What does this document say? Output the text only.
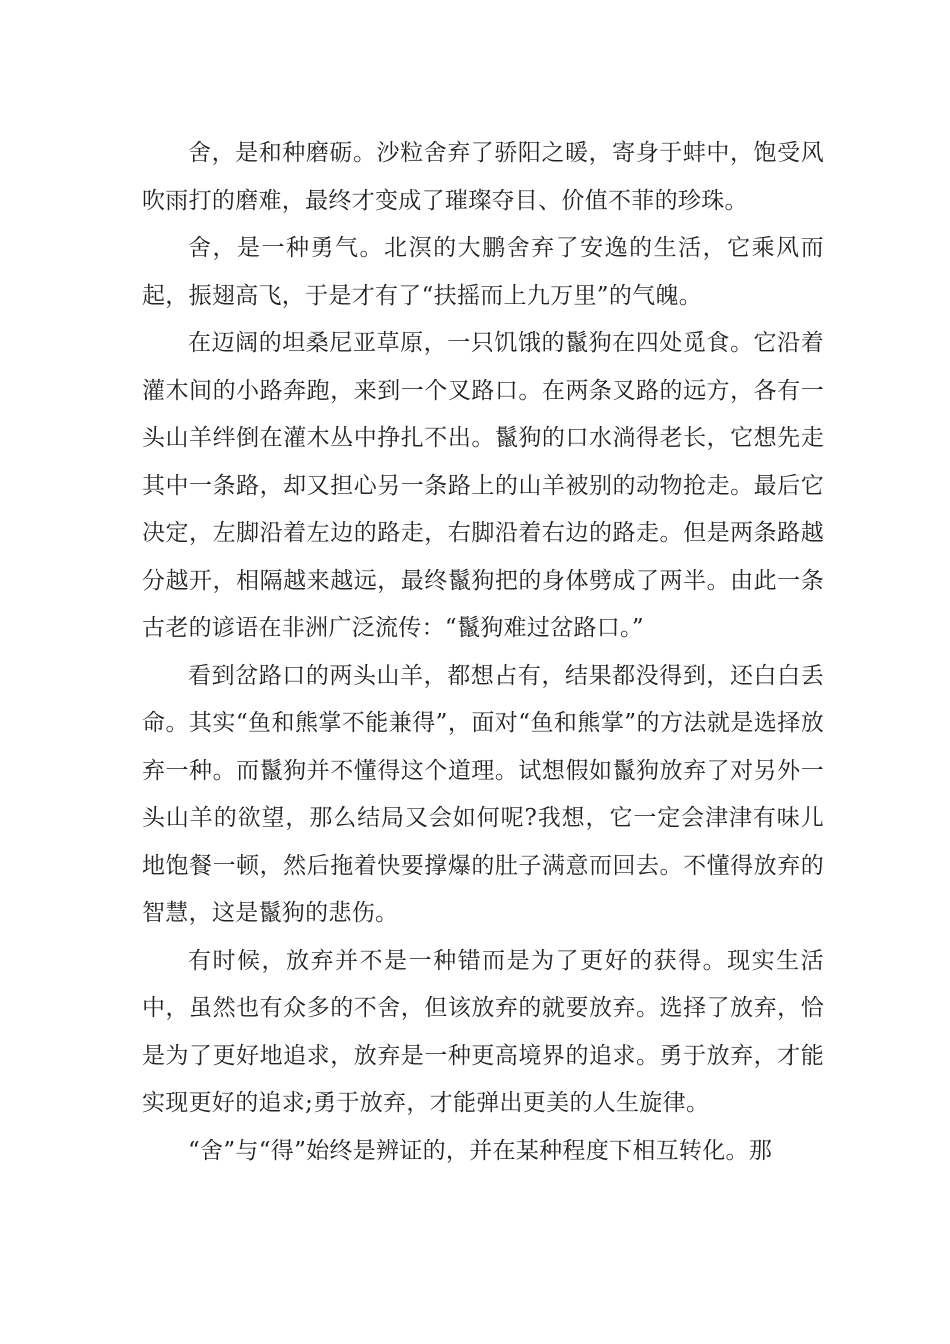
舍，是和种磨砺。沙粒舍弃了骄阳之暖，寄身于蚌中，饱受风吹雨打的磨难，最终才变成了璀璨夺目、价值不菲的珍珠。

舍，是一种勇气。北溟的大鹏舍弃了安逸的生活，它乘风而起，振翅高飞，于是才有了“扶摇而上九万里”的气魄。

在迈阔的坦桑尼亚草原，一只饥饿的鬣狗在四处觅食。它沿着灌木间的小路奔跑，来到一个叉路口。在两条叉路的远方，各有一头山羊绊倒在灌木丛中挣扎不出。鬣狗的口水淌得老长，它想先走其中一条路，却又担心另一条路上的山羊被别的动物抢走。最后它决定，左脚沿着左边的路走，右脚沿着右边的路走。但是两条路越分越开，相隔越来越远，最终鬣狗把的身体劈成了两半。由此一条古老的谚语在非洲广泛流传：“鬣狗难过岔路口。”

看到岔路口的两头山羊，都想占有，结果都没得到，还白白丢命。其实“鱼和熊掌不能兼得”，面对“鱼和熊掌”的方法就是选择放弃一种。而鬣狗并不懂得这个道理。试想假如鬣狗放弃了对另外一头山羊的欲望，那么结局又会如何呢?我想，它一定会津津有味儿地饱餐一顿，然后拖着快要撑爆的肚子满意而回去。不懂得放弃的智慧，这是鬣狗的悲伤。

有时候，放弃并不是一种错而是为了更好的获得。现实生活中，虽然也有众多的不舍，但该放弃的就要放弃。选择了放弃，恰是为了更好地追求，放弃是一种更高境界的追求。勇于放弃，才能实现更好的追求;勇于放弃，才能弹出更美的人生旋律。

“舍”与“得”始终是辨证的，并在某种程度下相互转化。那
